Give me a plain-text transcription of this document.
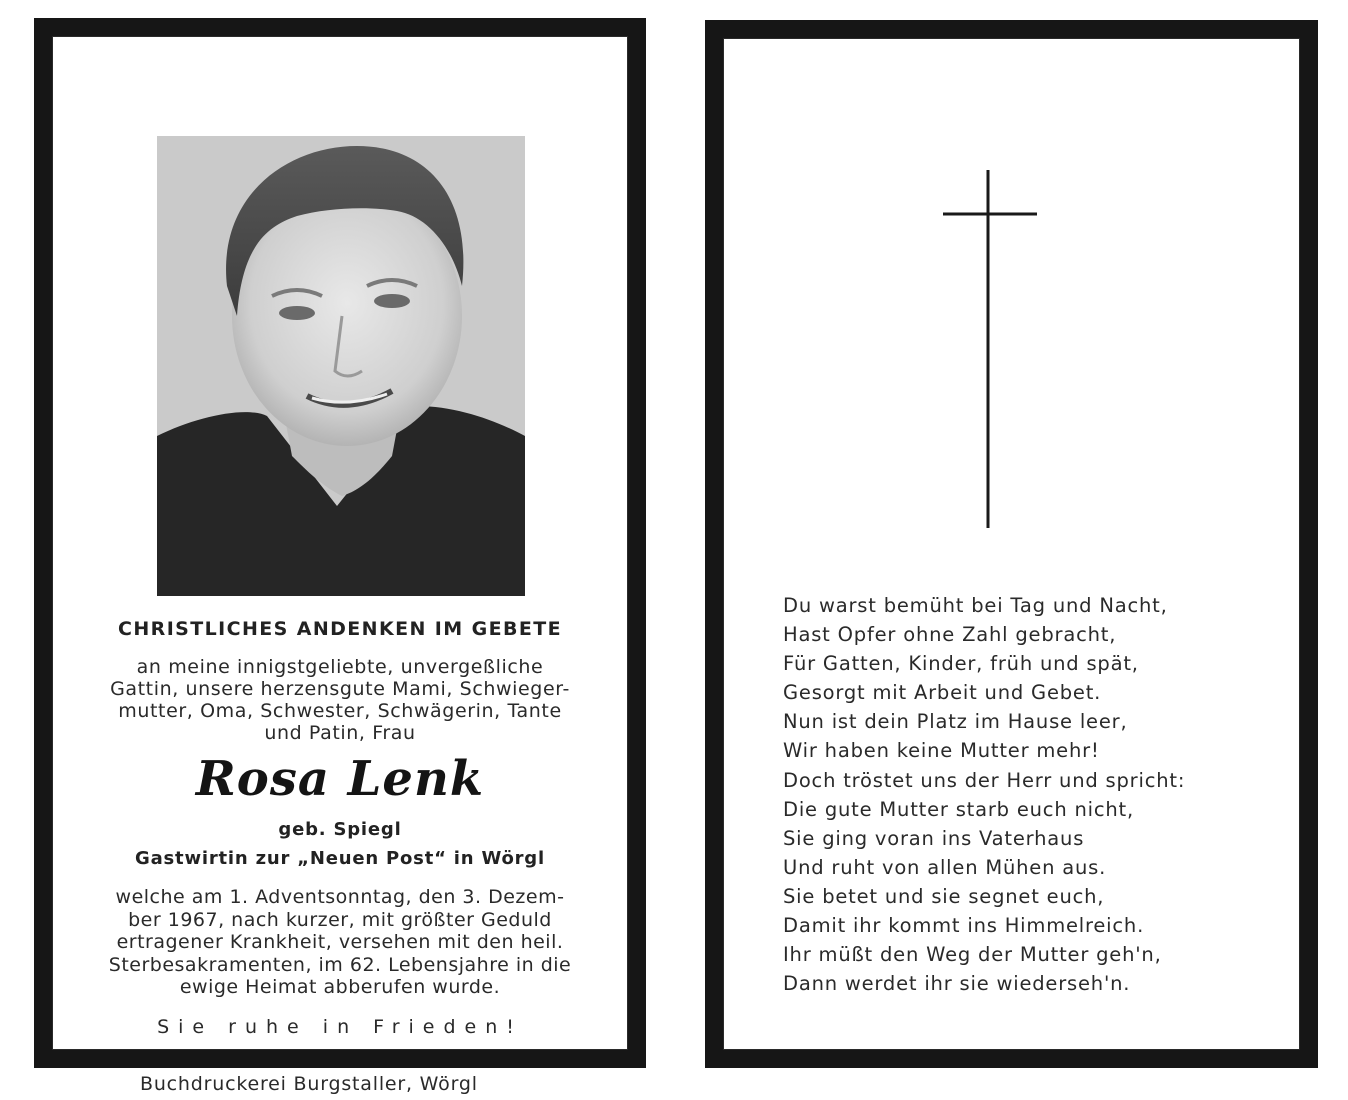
CHRISTLICHES ANDENKEN IM GEBETE
an meine innigstgeliebte, unvergeßliche
Gattin, unsere herzensgute Mami, Schwieger-
mutter, Oma, Schwester, Schwägerin, Tante
und Patin, Frau
Rosa Lenk
geb. Spiegl
Gastwirtin zur „Neuen Post“ in Wörgl
welche am 1. Adventsonntag, den 3. Dezem-
ber 1967, nach kurzer, mit größter Geduld
ertragener Krankheit, versehen mit den heil.
Sterbesakramenten, im 62. Lebensjahre in die
ewige Heimat abberufen wurde.
Sie ruhe in Frieden!
Du warst bemüht bei Tag und Nacht,
Hast Opfer ohne Zahl gebracht,
Für Gatten, Kinder, früh und spät,
Gesorgt mit Arbeit und Gebet.
Nun ist dein Platz im Hause leer,
Wir haben keine Mutter mehr!
Doch tröstet uns der Herr und spricht:
Die gute Mutter starb euch nicht,
Sie ging voran ins Vaterhaus
Und ruht von allen Mühen aus.
Sie betet und sie segnet euch,
Damit ihr kommt ins Himmelreich.
Ihr müßt den Weg der Mutter geh'n,
Dann werdet ihr sie wiederseh'n.
Buchdruckerei Burgstaller, Wörgl
